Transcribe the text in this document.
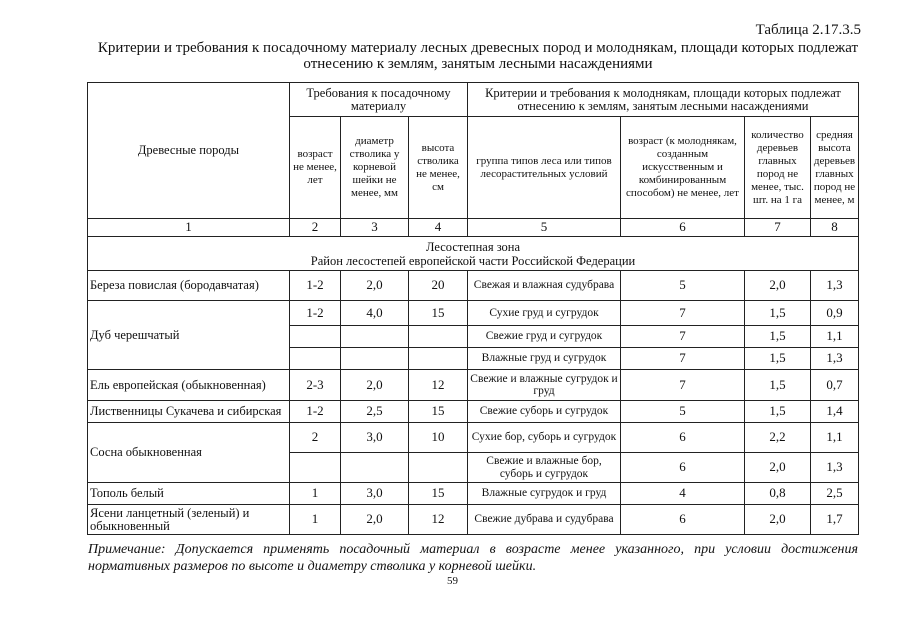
Таблица 2.17.3.5
Критерии и требования к посадочному материалу лесных древесных пород и молоднякам, площади которых подлежат отнесению к землям, занятым лесными насаждениями
Древесные породы	Требования к посадочному материалу			Критерии и требования к молоднякам, площади которых подлежат отнесению к землям, занятым лесными насаждениями			
	возраст не менее, лет	диаметр стволика у корневой шейки не менее, мм	высота стволика не менее, см	группа типов леса или типов лесорастительных условий	возраст (к молоднякам, созданным искусственным и комбинированным способом) не менее, лет	количество деревьев главных пород не менее, тыс. шт. на 1 га	средняя высота деревьев главных пород не менее, м
1	2	3	4	5	6	7	8

Лесостепная зона
Район лесостепей европейской части Российской Федерации							

Береза повислая (бородавчатая)	1-2	2,0	20	Свежая и влажная судубрава	5	2,0	1,3
Дуб черешчатый	1-2	4,0	15	Сухие груд и сугрудок	7	1,5	0,9
				Свежие груд и сугрудок	7	1,5	1,1
				Влажные груд и сугрудок	7	1,5	1,3
Ель европейская (обыкновенная)	2-3	2,0	12	Свежие и влажные сугрудок и груд	7	1,5	0,7
Лиственницы Сукачева и сибирская	1-2	2,5	15	Свежие суборь и сугрудок	5	1,5	1,4
Сосна обыкновенная	2	3,0	10	Сухие бор, суборь и сугрудок	6	2,2	1,1
				Свежие и влажные бор, суборь и сугрудок	6	2,0	1,3
Тополь белый	1	3,0	15	Влажные сугрудок и груд	4	0,8	2,5
Ясени ланцетный (зеленый) и обыкновенный	1	2,0	12	Свежие дубрава и судубрава	6	2,0	1,7
Примечание: Допускается применять посадочный материал в возрасте менее указанного, при условии достижения нормативных размеров по высоте и диаметру стволика у корневой шейки.
59
